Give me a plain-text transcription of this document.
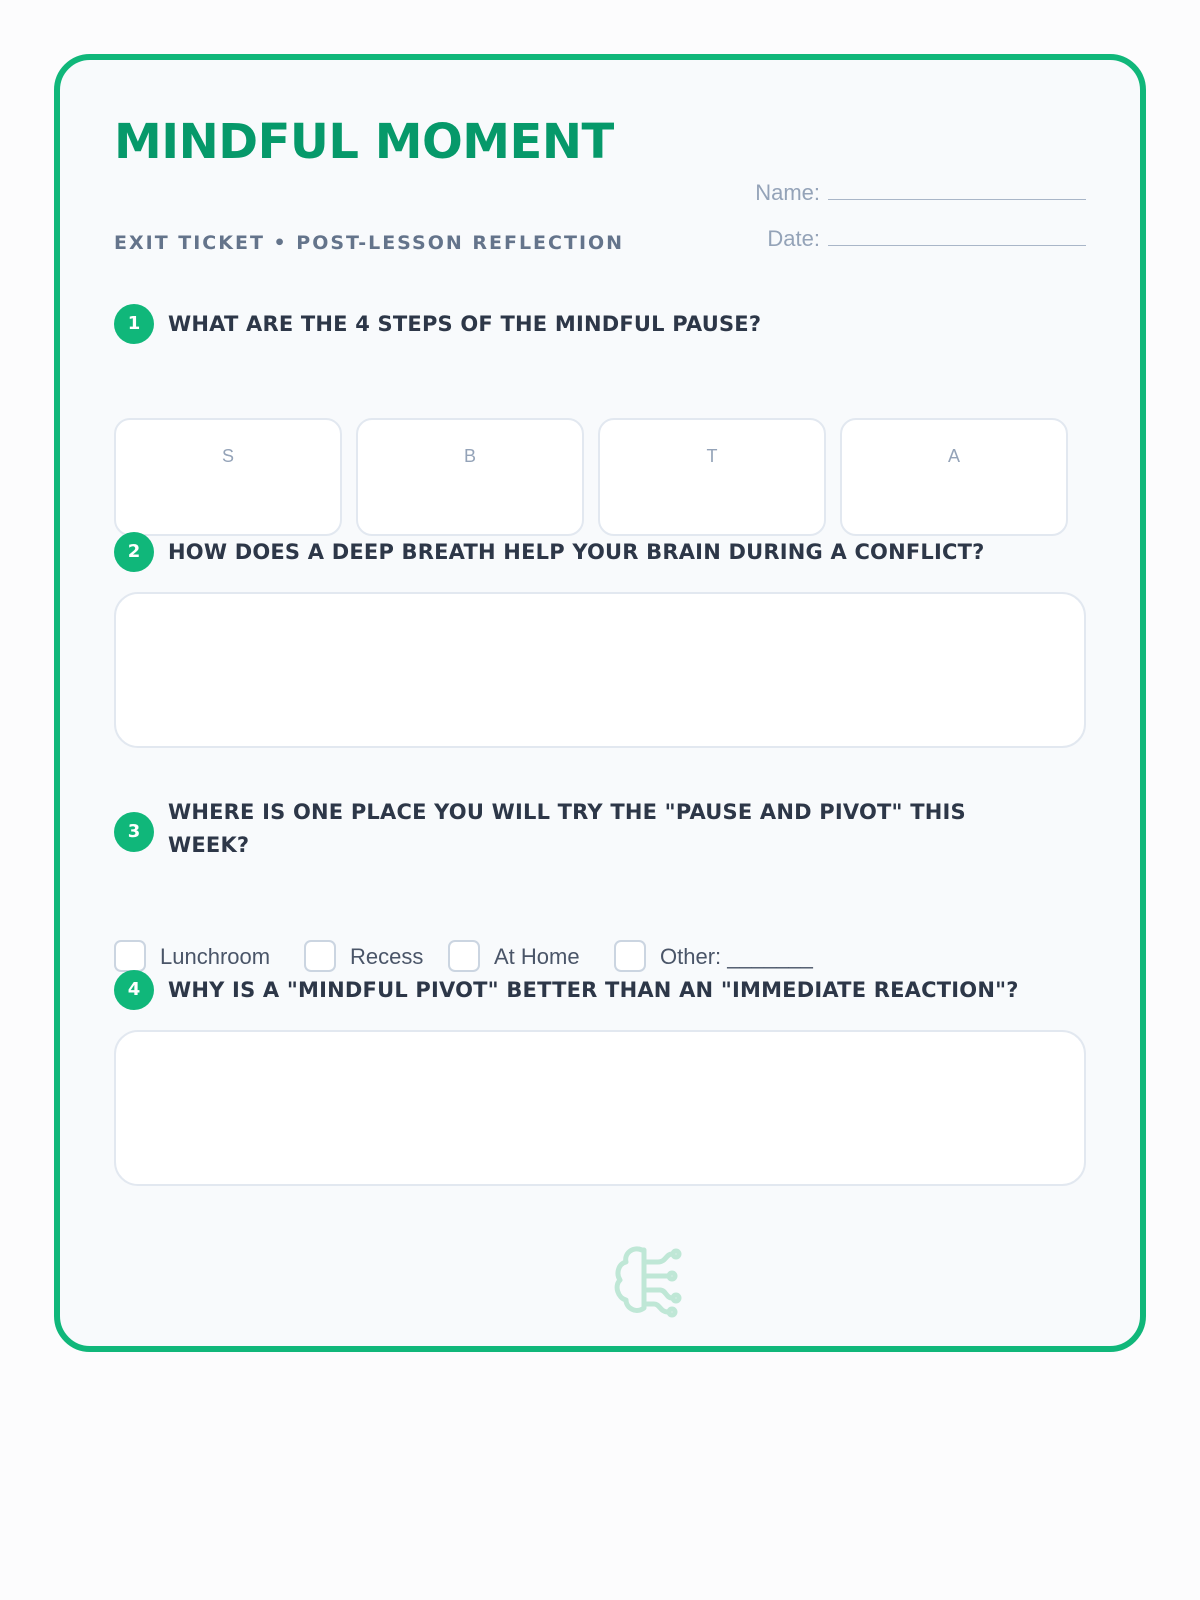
MINDFUL MOMENT
EXIT TICKET • POST-LESSON REFLECTION
Name:
Date:
1	WHAT ARE THE 4 STEPS OF THE MINDFUL PAUSE?
S	B	T	A
2	HOW DOES A DEEP BREATH HELP YOUR BRAIN DURING A CONFLICT?
3
WHERE IS ONE PLACE YOU WILL TRY THE "PAUSE AND PIVOT" THIS WEEK?
Lunchroom	Recess	At Home	Other: _______
4	WHY IS A "MINDFUL PIVOT" BETTER THAN AN "IMMEDIATE REACTION"?
